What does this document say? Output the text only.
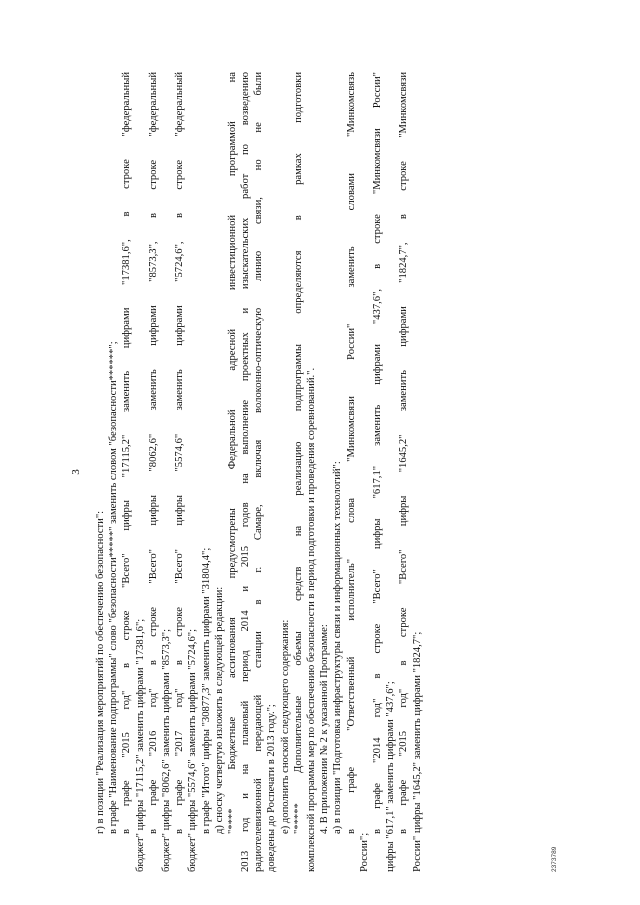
3
г) в позиции "Реализация мероприятий по обеспечению безопасности": в графе "Наименование подпрограммы" слово "безопасности*****" заменить словом "безопасности******"; в графе "2015 год" в строке "Всего" цифры "17115,2" заменить цифрами "17381,6", в строке "федеральный бюджет" цифры "17115,2" заменить цифрами "17381,6"; в графе "2016 год" в строке "Всего" цифры "8062,6" заменить цифрами "8573,3", в строке "федеральный бюджет" цифры "8062,6" заменить цифрами "8573,3"; в графе "2017 год" в строке "Всего" цифры "5574,6" заменить цифрами "5724,6", в строке "федеральный бюджет" цифры "5574,6" заменить цифрами "5724,6"; в графе "Итого" цифры "30877,3" заменить цифрами "31804,4"; д) сноску четвертую изложить в следующей редакции: "**** Бюджетные ассигнования предусмотрены Федеральной адресной инвестиционной программой на 2013 год и на плановый период 2014 и 2015 годов на выполнение проектных и изыскательских работ по возведению радиотелевизионной передающей станции в г. Самаре, включая волоконно-оптическую линию связи, но не были доведены до Роспечати в 2013 году."; е) дополнить сноской следующего содержания: "***** Дополнительные объемы средств на реализацию подпрограммы определяются в рамках подготовки комплексной программы мер по обеспечению безопасности в период подготовки и проведения соревнований.". 4. В приложении № 2 к указанной Программе: а) в позиции "Подготовка инфраструктуры связи и информационных технологий": в графе "Ответственный исполнитель" слова "Минкомсвязи России" заменить словами "Минкомсвязь
России";
в графе "2014 год" в строке "Всего" цифры "617,1" заменить цифрами "437,6", в строке "Минкомсвязи России" цифры "617,1" заменить цифрами "437,6"; в графе "2015 год" в строке "Всего" цифры "1645,2" заменить цифрами "1824,7", в строке "Минкомсвязи России" цифры "1645,2" заменить цифрами "1824,7";	2373789
